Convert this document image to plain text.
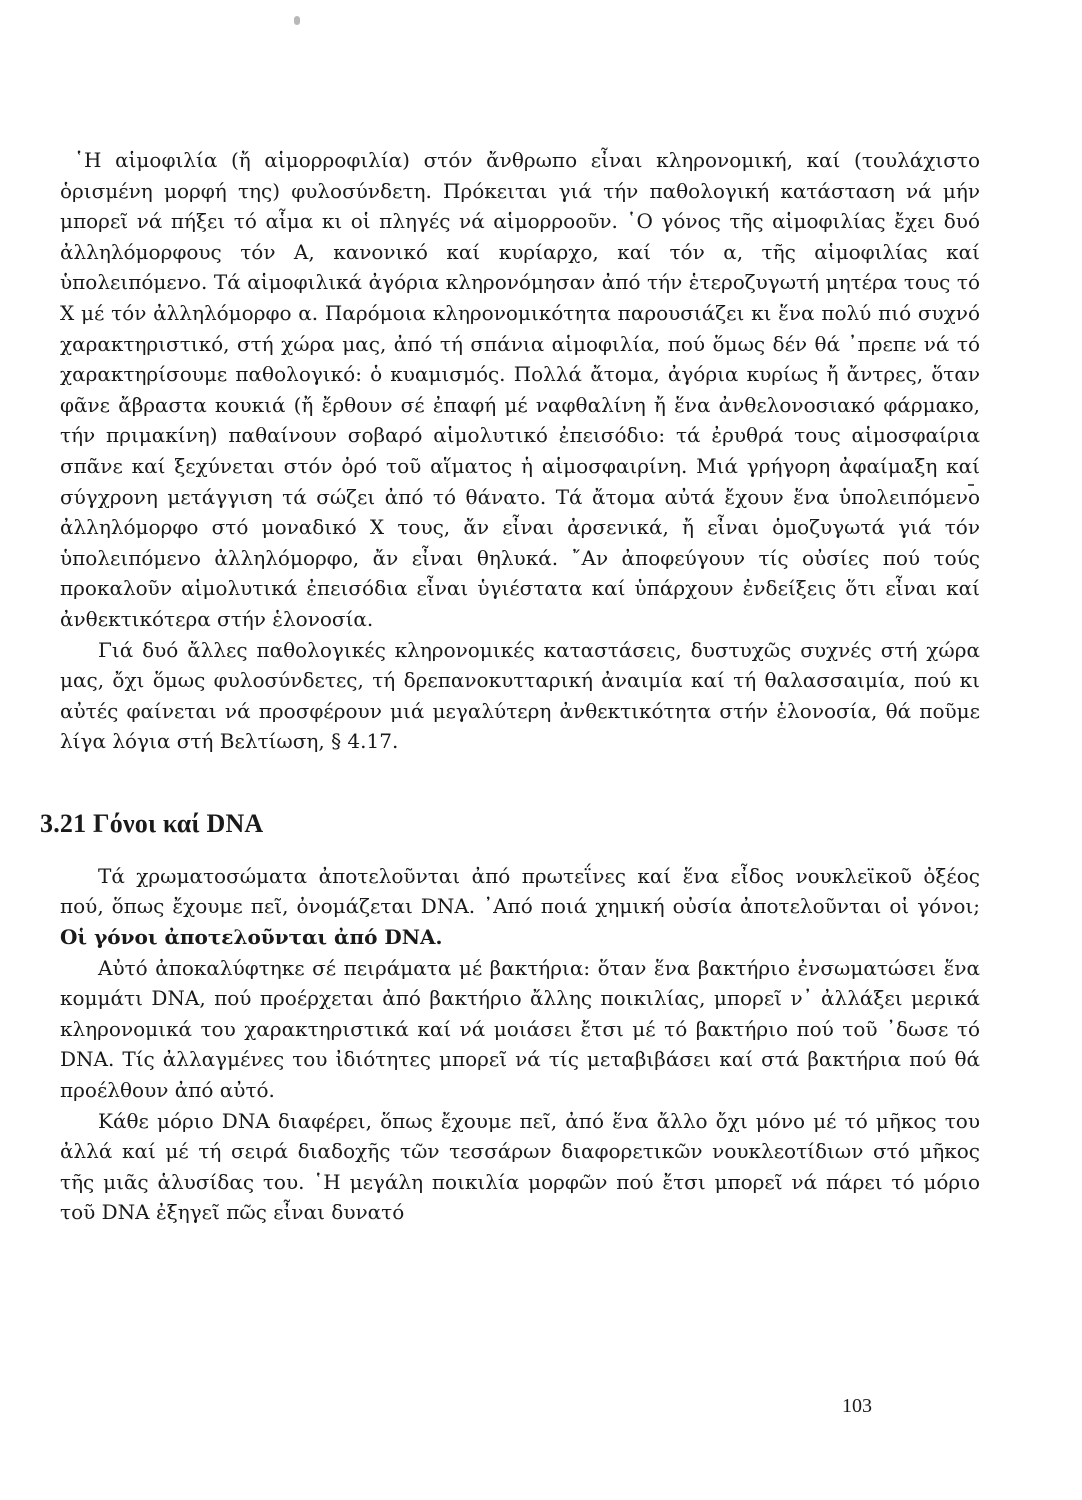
῾Η αἱμοφιλία (ἤ αἱμορροφιλία) στόν ἄνθρωπο εἶναι κληρονομική, καί (τουλάχιστο ὁρισμένη μορφή της) φυλοσύνδετη. Πρόκειται γιά τήν παθολογική κατάσταση νά μήν μπορεῖ νά πήξει τό αἷμα κι οἱ πληγές νά αἱμορροοῦν. ῾Ο γόνος τῆς αἱμοφιλίας ἔχει δυό ἀλληλόμορφους τόν Α, κανονικό καί κυρίαρχο, καί τόν α, τῆς αἱμοφιλίας καί ὑπολειπόμενο. Τά αἱμοφιλικά ἀγόρια κληρονόμησαν ἀπό τήν ἑτεροζυγωτή μητέρα τους τό Χ μέ τόν ἀλληλόμορφο α. Παρόμοια κληρονομικότητα παρουσιάζει κι ἕνα πολύ πιό συχνό χαρακτηριστικό, στή χώρα μας, ἀπό τή σπάνια αἱμοφιλία, πού ὅμως δέν θά ᾿πρεπε νά τό χαρακτηρίσουμε παθολογικό: ὁ κυαμισμός. Πολλά ἄτομα, ἀγόρια κυρίως ἤ ἄντρες, ὅταν φᾶνε ἄβραστα κουκιά (ἤ ἔρθουν σέ ἐπαφή μέ ναφθαλίνη ἤ ἕνα ἀνθελονοσιακό φάρμακο, τήν πριμακίνη) παθαίνουν σοβαρό αἱμολυτικό ἐπεισόδιο: τά ἐρυθρά τους αἱμοσφαίρια σπᾶνε καί ξεχύνεται στόν ὀρό τοῦ αἵματος ἡ αἱμοσφαιρίνη. Μιά γρήγορη ἀφαίμαξη καί σύγχρονη μετάγγιση τά σώζει ἀπό τό θάνατο. Τά ἄτομα αὐτά ἔχουν ἕνα ὑπολειπόμενο ἀλληλόμορφο στό μοναδικό Χ τους, ἄν εἶναι ἀρσενικά, ἤ εἶναι ὁμοζυγωτά γιά τόν ὑπολειπόμενο ἀλληλόμορφο, ἄν εἶναι θηλυκά. ῎Αν ἀποφεύγουν τίς οὐσίες πού τούς προκαλοῦν αἱμολυτικά ἐπεισόδια εἶναι ὑγιέστατα καί ὑπάρχουν ἐνδείξεις ὅτι εἶναι καί ἀνθεκτικότερα στήν ἑλονοσία.

Γιά δυό ἄλλες παθολογικές κληρονομικές καταστάσεις, δυστυχῶς συχνές στή χώρα μας, ὄχι ὅμως φυλοσύνδετες, τή δρεπανοκυτταρική ἀναιμία καί τή θαλασσαιμία, πού κι αὐτές φαίνεται νά προσφέρουν μιά μεγαλύτερη ἀνθεκτικότητα στήν ἑλονοσία, θά ποῦμε λίγα λόγια στή Βελτίωση, § 4.17.

3.21 Γόνοι καί DNA

Τά χρωματοσώματα ἀποτελοῦνται ἀπό πρωτεΐνες καί ἕνα εἶδος νουκλεϊκοῦ ὀξέος πού, ὅπως ἔχουμε πεῖ, ὀνομάζεται DNA. ᾿Από ποιά χημική οὐσία ἀποτελοῦνται οἱ γόνοι; Οἱ γόνοι ἀποτελοῦνται ἀπό DNA.

Αὐτό ἀποκαλύφτηκε σέ πειράματα μέ βακτήρια: ὅταν ἕνα βακτήριο ἐνσωματώσει ἕνα κομμάτι DNA, πού προέρχεται ἀπό βακτήριο ἄλλης ποικιλίας, μπορεῖ ν᾿ ἀλλάξει μερικά κληρονομικά του χαρακτηριστικά καί νά μοιάσει ἔτσι μέ τό βακτήριο πού τοῦ ᾿δωσε τό DNA. Τίς ἀλλαγμένες του ἰδιότητες μπορεῖ νά τίς μεταβιβάσει καί στά βακτήρια πού θά προέλθουν ἀπό αὐτό.

Κάθε μόριο DNA διαφέρει, ὅπως ἔχουμε πεῖ, ἀπό ἕνα ἄλλο ὄχι μόνο μέ τό μῆκος του ἀλλά καί μέ τή σειρά διαδοχῆς τῶν τεσσάρων διαφορετικῶν νουκλεοτίδιων στό μῆκος τῆς μιᾶς ἁλυσίδας του. ῾Η μεγάλη ποικιλία μορφῶν πού ἔτσι μπορεῖ νά πάρει τό μόριο τοῦ DNA ἐξηγεῖ πῶς εἶναι δυνατό

103
